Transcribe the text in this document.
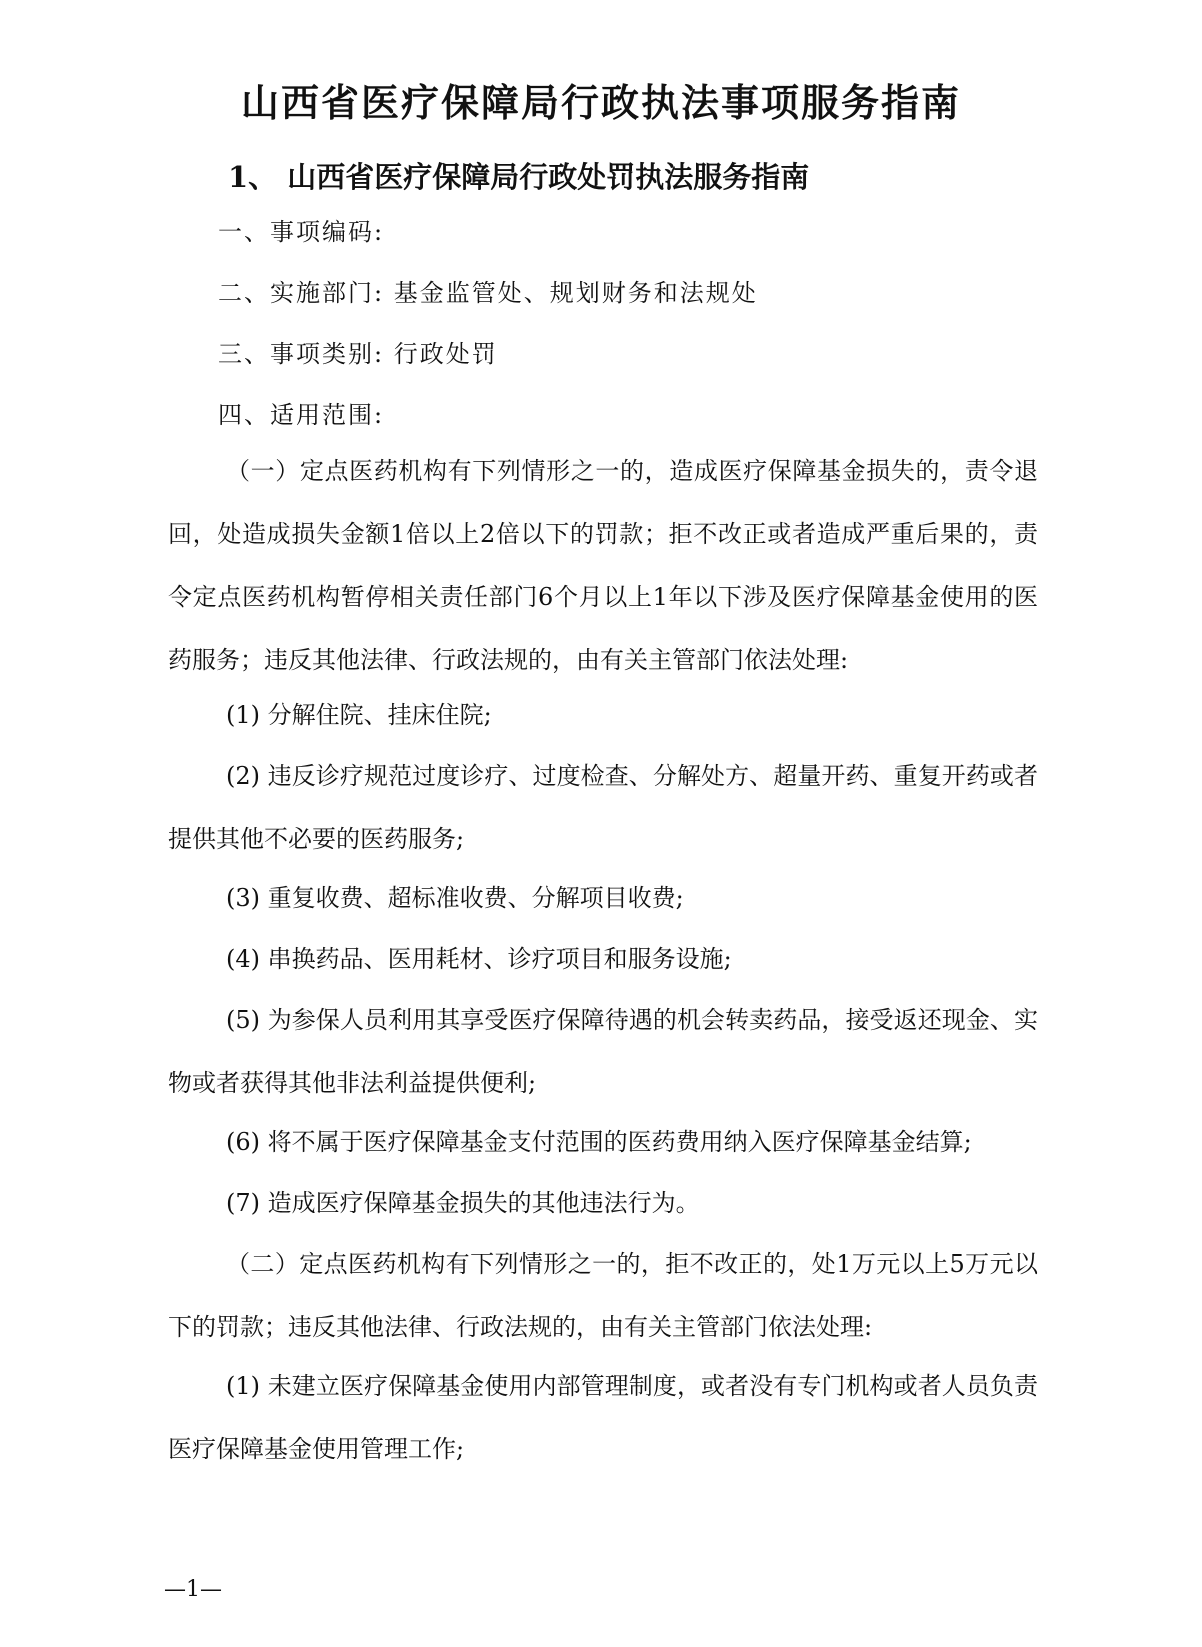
山西省医疗保障局行政执法事项服务指南
1、 山西省医疗保障局行政处罚执法服务指南
一、事项编码:
二、实施部门: 基金监管处、规划财务和法规处
三、事项类别: 行政处罚
四、适用范围:

（一）定点医药机构有下列情形之一的，造成医疗保障基金损失的，责令退回，处造成损失金额1倍以上2倍以下的罚款；拒不改正或者造成严重后果的，责令定点医药机构暂停相关责任部门6个月以上1年以下涉及医疗保障基金使用的医药服务；违反其他法律、行政法规的，由有关主管部门依法处理:

(1) 分解住院、挂床住院;

(2) 违反诊疗规范过度诊疗、过度检查、分解处方、超量开药、重复开药或者提供其他不必要的医药服务;

(3) 重复收费、超标准收费、分解项目收费;

(4) 串换药品、医用耗材、诊疗项目和服务设施;

(5) 为参保人员利用其享受医疗保障待遇的机会转卖药品，接受返还现金、实物或者获得其他非法利益提供便利;

(6) 将不属于医疗保障基金支付范围的医药费用纳入医疗保障基金结算;

(7) 造成医疗保障基金损失的其他违法行为。

（二）定点医药机构有下列情形之一的，拒不改正的，处1万元以上5万元以下的罚款；违反其他法律、行政法规的，由有关主管部门依法处理:

(1) 未建立医疗保障基金使用内部管理制度，或者没有专门机构或者人员负责医疗保障基金使用管理工作;

—1—
